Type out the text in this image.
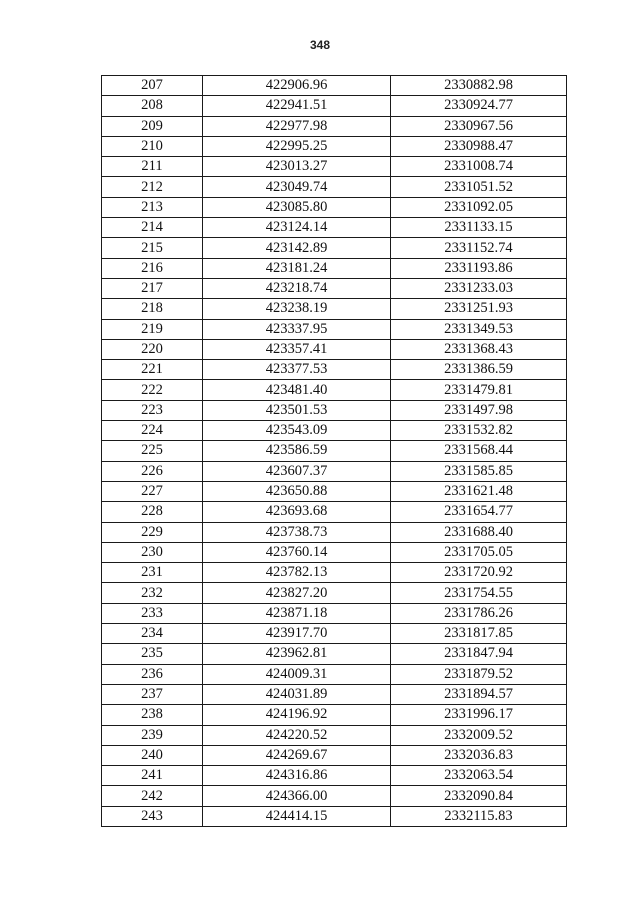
348
207	422906.96	2330882.98
208	422941.51	2330924.77
209	422977.98	2330967.56
210	422995.25	2330988.47
211	423013.27	2331008.74
212	423049.74	2331051.52
213	423085.80	2331092.05
214	423124.14	2331133.15
215	423142.89	2331152.74
216	423181.24	2331193.86
217	423218.74	2331233.03
218	423238.19	2331251.93
219	423337.95	2331349.53
220	423357.41	2331368.43
221	423377.53	2331386.59
222	423481.40	2331479.81
223	423501.53	2331497.98
224	423543.09	2331532.82
225	423586.59	2331568.44
226	423607.37	2331585.85
227	423650.88	2331621.48
228	423693.68	2331654.77
229	423738.73	2331688.40
230	423760.14	2331705.05
231	423782.13	2331720.92
232	423827.20	2331754.55
233	423871.18	2331786.26
234	423917.70	2331817.85
235	423962.81	2331847.94
236	424009.31	2331879.52
237	424031.89	2331894.57
238	424196.92	2331996.17
239	424220.52	2332009.52
240	424269.67	2332036.83
241	424316.86	2332063.54
242	424366.00	2332090.84
243	424414.15	2332115.83
